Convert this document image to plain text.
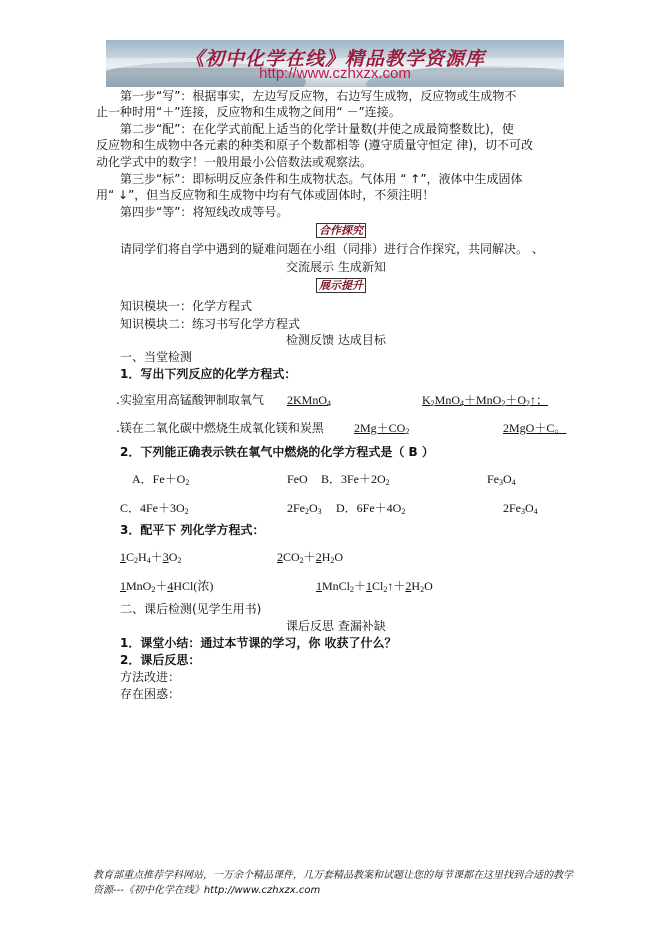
《初中化学在线》精品教学资源库
http://www.czhxzx.com
第一步“写”：根据事实，左边写反应物，右边写生成物，反应物或生成物不
止一种时用“＋”连接，反应物和生成物之间用“ －”连接。
第二步“配”：在化学式前配上适当的化学计量数(并使之成最简整数比)，使
反应物和生成物中各元素的种类和原子个数都相等 (遵守质量守恒定 律)，切不可改
动化学式中的数字！一般用最小公倍数法或观察法。
第三步“标”：即标明反应条件和生成物状态。气体用 “ ↑”，液体中生成固体
用“ ↓”，但当反应物和生成物中均有气体或固体时，不须注明！
第四步“等”：将短线改成等号。
合作探究
请同学们将自学中遇到的疑难问题在小组（同排）进行合作探究，共同解决。 、
交流展示 生成新知
展示提升
知识模块一：化学方程式
知识模块二：练习书写化学方程式
检测反馈 达成目标
一、当堂检测
1．写出下列反应的化学方程式：
.实验室用高锰酸钾制取氧气 2KMnO$_4$	$K_2MnO_4+MnO_2+O_2↑$；
.镁在二氧化碳中燃烧生成氧化镁和炭黑	$2Mg+CO_2$	2MgO＋C。
2．下列能正确表示铁在氧气中燃烧的化学方程式是（ B ）
A．$Fe+O_2$	FeO B．$3Fe+2O_2$	$Fe_3O_4$
C．$4Fe+3O_2$	$2Fe_2O_3$ D．$6Fe+4O_2$	$2Fe_3O_4$
3．配平下 列化学方程式：
$1C_2H_4+3O_2$	$2CO_2+2H_2O$
1MnO$_2$＋4HCl(浓)	$1MnCl_2+1Cl_2↑+2H_2O$
二、课后检测(见学生用书)
课后反思 查漏补缺
1．课堂小结：通过本节课的学习，你 收获了什么？
2．课后反思：
方法改进：
存在困惑：
教育部重点推荐学科网站，一万余个精品课件，几万套精品教案和试题让您的每节课都在这里找到合适的教学
资源---《初中化学在线》http://www.czhxzx.com
